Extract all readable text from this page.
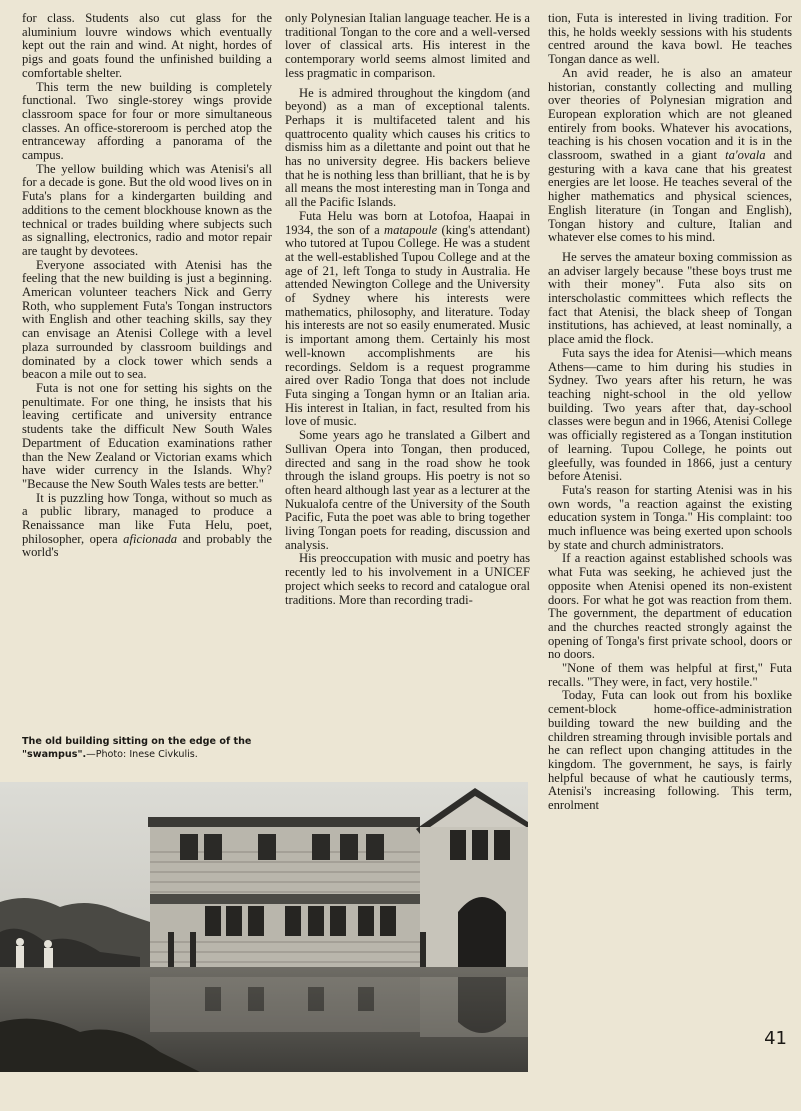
for class. Students also cut glass for the aluminium louvre windows which eventually kept out the rain and wind. At night, hordes of pigs and goats found the unfinished building a comfortable shelter.

This term the new building is completely functional. Two single-storey wings provide classroom space for four or more simultaneous classes. An office-storeroom is perched atop the entranceway affording a panorama of the campus.

The yellow building which was Atenisi's all for a decade is gone. But the old wood lives on in Futa's plans for a kindergarten building and additions to the cement blockhouse known as the technical or trades building where subjects such as signalling, electronics, radio and motor repair are taught by devotees.

Everyone associated with Atenisi has the feeling that the new building is just a beginning. American volunteer teachers Nick and Gerry Roth, who supplement Futa's Tongan instructors with English and other teaching skills, say they can envisage an Atenisi College with a level plaza surrounded by classroom buildings and dominated by a clock tower which sends a beacon a mile out to sea.

Futa is not one for setting his sights on the penultimate. For one thing, he insists that his leaving certificate and university entrance students take the difficult New South Wales Department of Education examinations rather than the New Zealand or Victorian exams which have wider currency in the Islands. Why? "Because the New South Wales tests are better."

It is puzzling how Tonga, without so much as a public library, managed to produce a Renaissance man like Futa Helu, poet, philosopher, opera aficionada and probably the world's

The old building sitting on the edge of the "swampus".—Photo: Inese Civkulis.

only Polynesian Italian language teacher. He is a traditional Tongan to the core and a well-versed lover of classical arts. His interest in the contemporary world seems almost limited and less pragmatic in comparison.

He is admired throughout the kingdom (and beyond) as a man of exceptional talents. Perhaps it is multifaceted talent and his quattrocento quality which causes his critics to dismiss him as a dilettante and point out that he has no university degree. His backers believe that he is nothing less than brilliant, that he is by all means the most interesting man in Tonga and all the Pacific Islands.

Futa Helu was born at Lotofoa, Haapai in 1934, the son of a matapoule (king's attendant) who tutored at Tupou College. He was a student at the well-established Tupou College and at the age of 21, left Tonga to study in Australia. He attended Newington College and the University of Sydney where his interests were mathematics, philosophy, and literature. Today his interests are not so easily enumerated. Music is important among them. Certainly his most well-known accomplishments are his recordings. Seldom is a request programme aired over Radio Tonga that does not include Futa singing a Tongan hymn or an Italian aria. His interest in Italian, in fact, resulted from his love of music.

Some years ago he translated a Gilbert and Sullivan Opera into Tongan, then produced, directed and sang in the road show he took through the island groups. His poetry is not so often heard although last year as a lecturer at the Nukualofa centre of the University of the South Pacific, Futa the poet was able to bring together living Tongan poets for reading, discussion and analysis.

His preoccupation with music and poetry has recently led to his involvement in a UNICEF project which seeks to record and catalogue oral traditions. More than recording tradi-

tion, Futa is interested in living tradition. For this, he holds weekly sessions with his students centred around the kava bowl. He teaches Tongan dance as well.

An avid reader, he is also an amateur historian, constantly collecting and mulling over theories of Polynesian migration and European exploration which are not gleaned entirely from books. Whatever his avocations, teaching is his chosen vocation and it is in the classroom, swathed in a giant ta'ovala and gesturing with a kava cane that his greatest energies are let loose. He teaches several of the higher mathematics and physical sciences, English literature (in Tongan and English), Tongan history and culture, Italian and whatever else comes to his mind.

He serves the amateur boxing commission as an adviser largely because "these boys trust me with their money". Futa also sits on interscholastic committees which reflects the fact that Atenisi, the black sheep of Tongan institutions, has achieved, at least nominally, a place amid the flock.

Futa says the idea for Atenisi—which means Athens—came to him during his studies in Sydney. Two years after his return, he was teaching night-school in the old yellow building. Two years after that, day-school classes were begun and in 1966, Atenisi College was officially registered as a Tongan institution of learning. Tupou College, he points out gleefully, was founded in 1866, just a century before Atenisi.

Futa's reason for starting Atenisi was in his own words, "a reaction against the existing education system in Tonga." His complaint: too much influence was being exerted upon schools by state and church administrators.

If a reaction against established schools was what Futa was seeking, he achieved just the opposite when Atenisi opened its non-existent doors. For what he got was reaction from them. The government, the department of education and the churches reacted strongly against the opening of Tonga's first private school, doors or no doors.

"None of them was helpful at first," Futa recalls. "They were, in fact, very hostile."

Today, Futa can look out from his boxlike cement-block home-office-administration building toward the new building and the children streaming through invisible portals and he can reflect upon changing attitudes in the kingdom. The government, he says, is fairly helpful because of what he cautiously terms, Atenisi's increasing following. This term, enrolment

41
